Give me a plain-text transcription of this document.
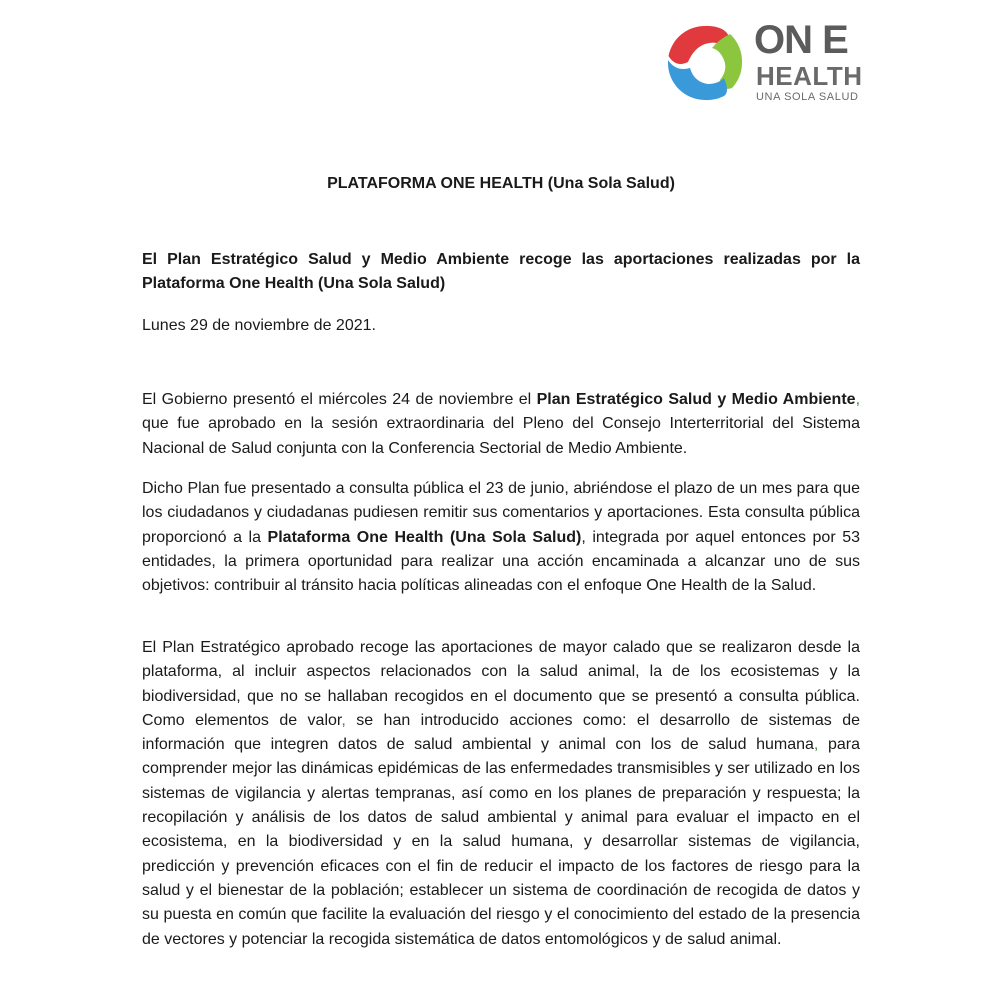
ON E
HEALTH
UNA SOLA SALUD
PLATAFORMA ONE HEALTH (Una Sola Salud)
El Plan Estratégico Salud y Medio Ambiente recoge las aportaciones realizadas por la Plataforma One Health (Una Sola Salud)
Lunes 29 de noviembre de 2021.

El Gobierno presentó el miércoles 24 de noviembre el Plan Estratégico Salud y Medio Ambiente, que fue aprobado en la sesión extraordinaria del Pleno del Consejo Interterritorial del Sistema Nacional de Salud conjunta con la Conferencia Sectorial de Medio Ambiente.

Dicho Plan fue presentado a consulta pública el 23 de junio, abriéndose el plazo de un mes para que los ciudadanos y ciudadanas pudiesen remitir sus comentarios y aportaciones. Esta consulta pública proporcionó a la Plataforma One Health (Una Sola Salud), integrada por aquel entonces por 53 entidades, la primera oportunidad para realizar una acción encaminada a alcanzar uno de sus objetivos: contribuir al tránsito hacia políticas alineadas con el enfoque One Health de la Salud.

El Plan Estratégico aprobado recoge las aportaciones de mayor calado que se realizaron desde la plataforma, al incluir aspectos relacionados con la salud animal, la de los ecosistemas y la biodiversidad, que no se hallaban recogidos en el documento que se presentó a consulta pública. Como elementos de valor, se han introducido acciones como: el desarrollo de sistemas de información que integren datos de salud ambiental y animal con los de salud humana, para comprender mejor las dinámicas epidémicas de las enfermedades transmisibles y ser utilizado en los sistemas de vigilancia y alertas tempranas, así como en los planes de preparación y respuesta; la recopilación y análisis de los datos de salud ambiental y animal para evaluar el impacto en el ecosistema, en la biodiversidad y en la salud humana, y desarrollar sistemas de vigilancia, predicción y prevención eficaces con el fin de reducir el impacto de los factores de riesgo para la salud y el bienestar de la población; establecer un sistema de coordinación de recogida de datos y su puesta en común que facilite la evaluación del riesgo y el conocimiento del estado de la presencia de vectores y potenciar la recogida sistemática de datos entomológicos y de salud animal.
